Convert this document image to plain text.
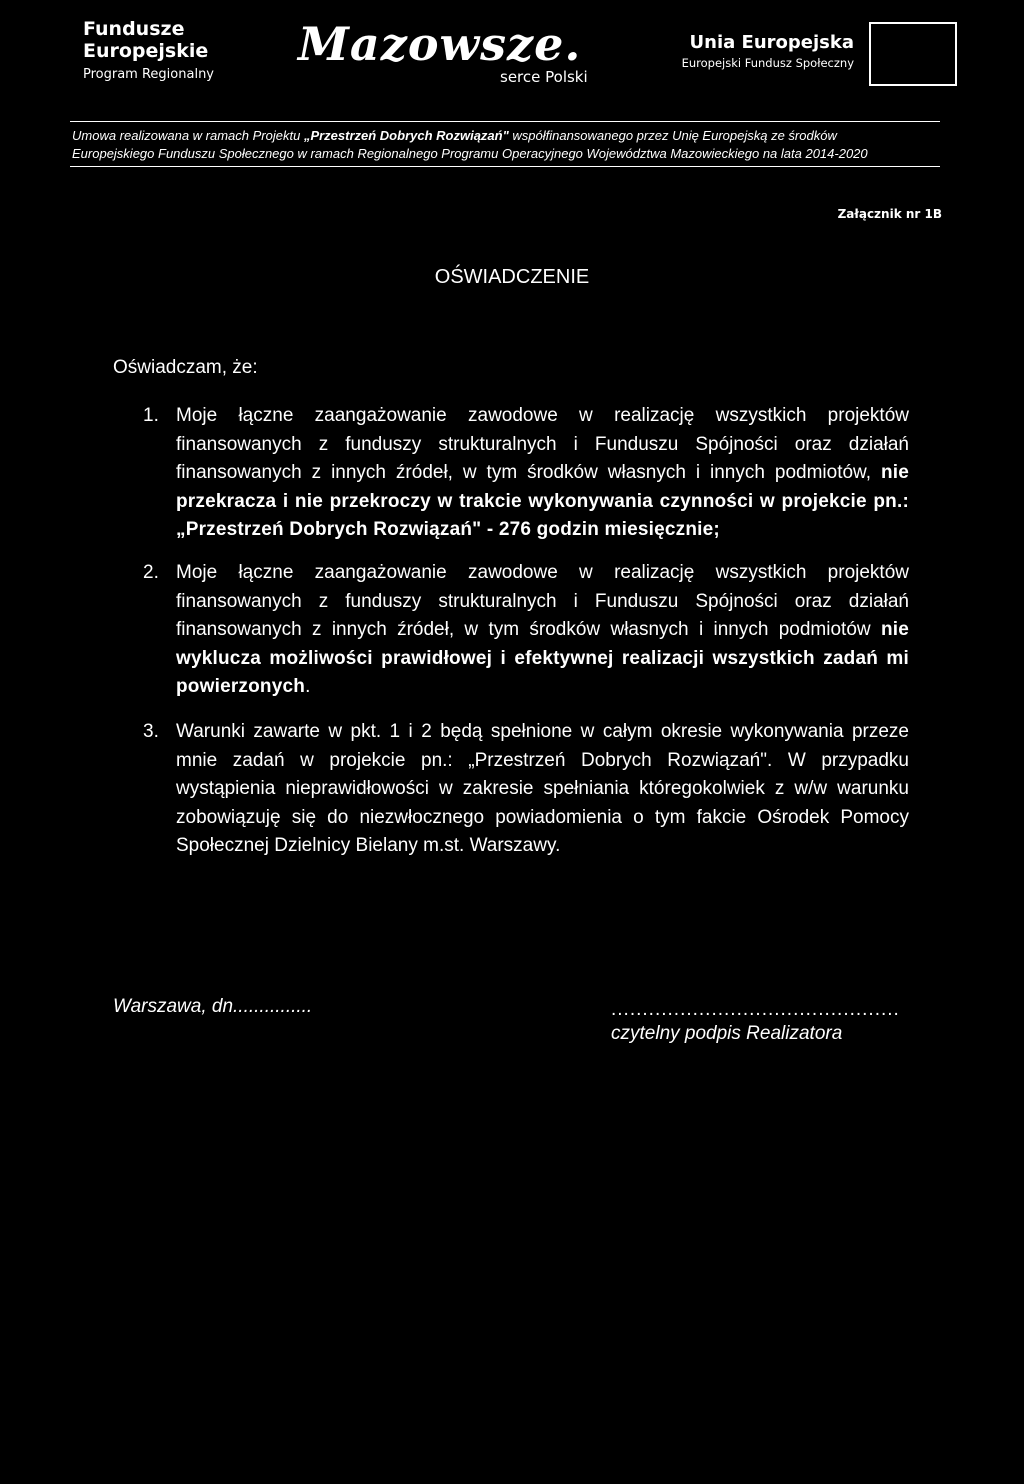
Fundusze
Europejskie
Program Regionalny
Mazowsze.
serce Polski
Unia Europejska
Europejski Fundusz Społeczny
Umowa realizowana w ramach Projektu „Przestrzeń Dobrych Rozwiązań" współfinansowanego przez Unię Europejską ze środków
Europejskiego Funduszu Społecznego w ramach Regionalnego Programu Operacyjnego Województwa Mazowieckiego na lata 2014-2020
Załącznik nr 1B
OŚWIADCZENIE
Oświadczam, że:
1. Moje łączne zaangażowanie zawodowe w realizację wszystkich projektów finansowanych z funduszy strukturalnych i Funduszu Spójności oraz działań finansowanych z innych źródeł, w tym środków własnych i innych podmiotów, nie przekracza i nie przekroczy w trakcie wykonywania czynności w projekcie pn.: „Przestrzeń Dobrych Rozwiązań" - 276 godzin miesięcznie;
2. Moje łączne zaangażowanie zawodowe w realizację wszystkich projektów finansowanych z funduszy strukturalnych i Funduszu Spójności oraz działań finansowanych z innych źródeł, w tym środków własnych i innych podmiotów nie wyklucza możliwości prawidłowej i efektywnej realizacji wszystkich zadań mi powierzonych.
3. Warunki zawarte w pkt. 1 i 2 będą spełnione w całym okresie wykonywania przeze mnie zadań w projekcie pn.: „Przestrzeń Dobrych Rozwiązań". W przypadku wystąpienia nieprawidłowości w zakresie spełniania któregokolwiek z w/w warunku zobowiązuję się do niezwłocznego powiadomienia o tym fakcie Ośrodek Pomocy Społecznej Dzielnicy Bielany m.st. Warszawy.
Warszawa, dn...............	..............................................
czytelny podpis Realizatora
